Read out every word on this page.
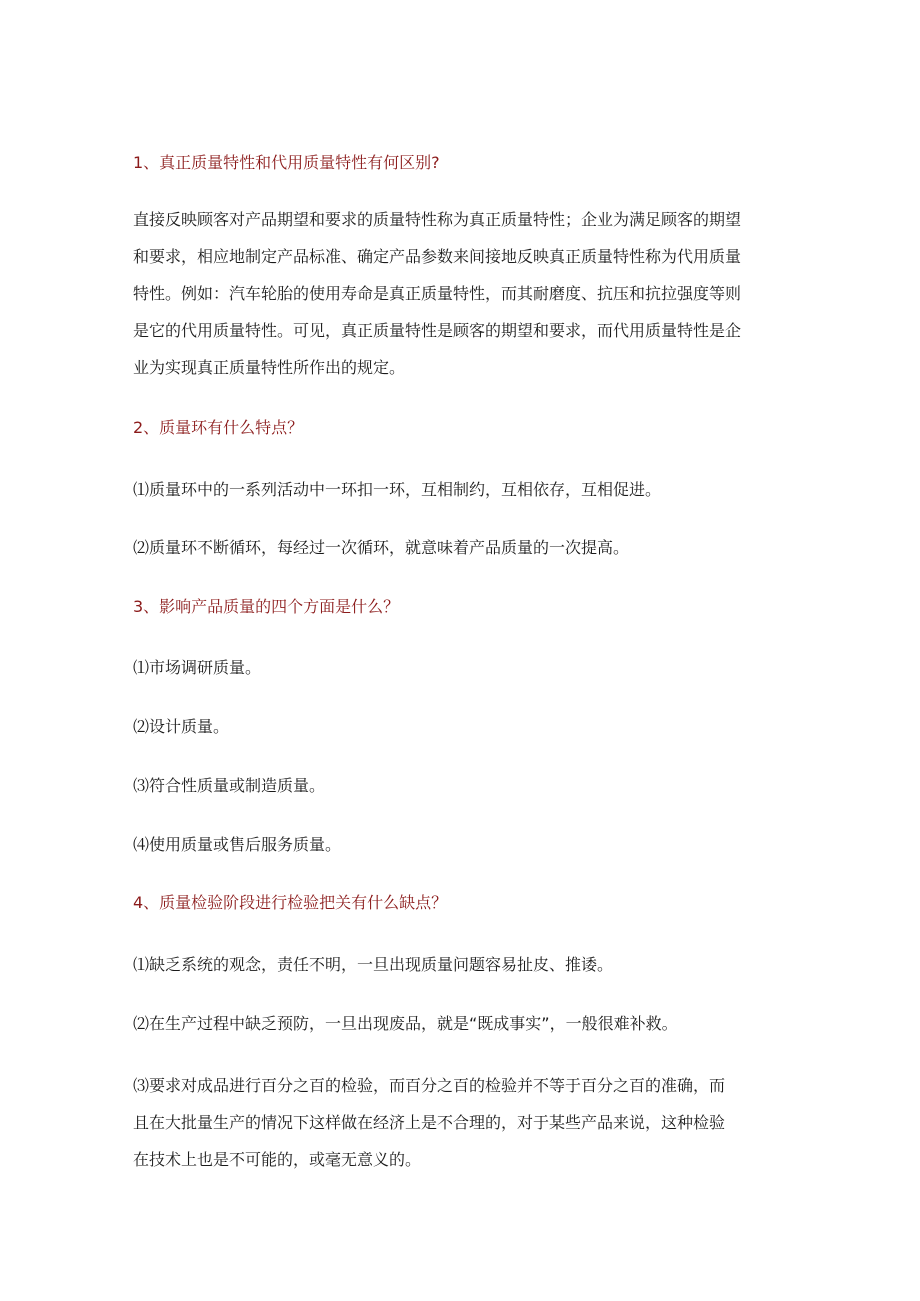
1、真正质量特性和代用质量特性有何区别?
直接反映顾客对产品期望和要求的质量特性称为真正质量特性；企业为满足顾客的期望
和要求，相应地制定产品标准、确定产品参数来间接地反映真正质量特性称为代用质量
特性。例如：汽车轮胎的使用寿命是真正质量特性，而其耐磨度、抗压和抗拉强度等则
是它的代用质量特性。可见，真正质量特性是顾客的期望和要求，而代用质量特性是企
业为实现真正质量特性所作出的规定。
2、质量环有什么特点？
⑴质量环中的一系列活动中一环扣一环，互相制约，互相依存，互相促进。
⑵质量环不断循环，每经过一次循环，就意味着产品质量的一次提高。
3、影响产品质量的四个方面是什么？
⑴市场调研质量。
⑵设计质量。
⑶符合性质量或制造质量。
⑷使用质量或售后服务质量。
4、质量检验阶段进行检验把关有什么缺点？
⑴缺乏系统的观念，责任不明，一旦出现质量问题容易扯皮、推诿。
⑵在生产过程中缺乏预防，一旦出现废品，就是“既成事实”，一般很难补救。
⑶要求对成品进行百分之百的检验，而百分之百的检验并不等于百分之百的准确，而
且在大批量生产的情况下这样做在经济上是不合理的，对于某些产品来说，这种检验
在技术上也是不可能的，或毫无意义的。
